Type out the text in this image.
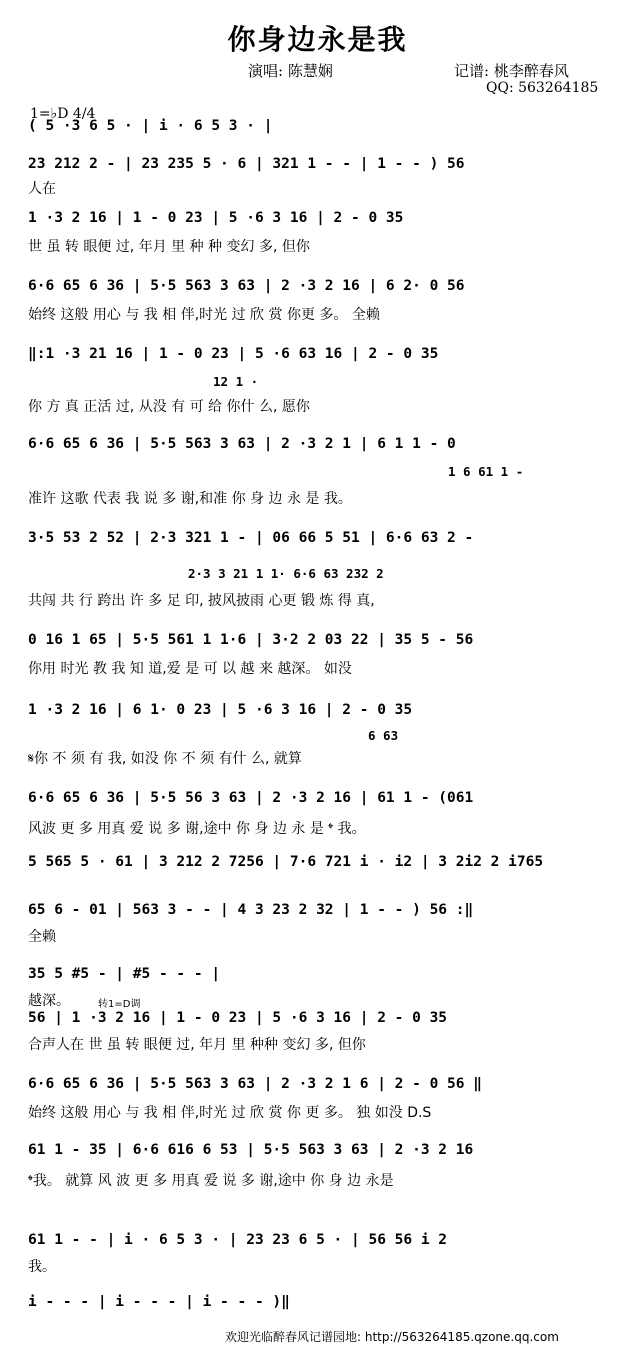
你身边永是我
演唱: 陈慧娴	记谱: 桃李醉春风
QQ: 563264185
1=♭D 4/4
( 5 ·3 6 5 · | i · 6 5 3 · |
23 212 2 - | 23 235 5 · 6 | 321 1 - - | 1 - - ) 56
人在
1 ·3 2 16 | 1 - 0 23 | 5 ·6 3 16 | 2 - 0 35
世 虽 转 眼便 过, 年月 里 种 种 变幻 多, 但你
6·6 65 6 36 | 5·5 563 3 63 | 2 ·3 2 16 | 6 2· 0 56
始终 这般 用心 与 我 相 伴,时光 过 欣 赏 你更 多。 全赖
‖:1 ·3 21 16 | 1 - 0 23 | 5 ·6 63 16 | 2 - 0 35
12 1 ·
你 方 真 正活 过, 从没 有 可 给 你什 么, 愿你
6·6 65 6 36 | 5·5 563 3 63 | 2 ·3 2 1 | 6 1 1 - 0
1 6 61 1 -
准许 这歌 代表 我 说 多 谢,和准 你 身 边 永 是 我。
3·5 53 2 52 | 2·3 321 1 - | 06 66 5 51 | 6·6 63 2 -
2·3 3 21 1 1· 6·6 63 232 2
共闯 共 行 跨出 许 多 足 印, 披风披雨 心更 锻 炼 得 真,
0 16 1 65 | 5·5 561 1 1·6 | 3·2 2 03 22 | 35 5 - 56
你用 时光 教 我 知 道,爱 是 可 以 越 来 越深。 如没
1 ·3 2 16 | 6 1· 0 23 | 5 ·6 3 16 | 2 - 0 35
6 63
𝄋你 不 须 有 我, 如没 你 不 须 有什 么, 就算
6·6 65 6 36 | 5·5 56 3 63 | 2 ·3 2 16 | 61 1 - (061
风波 更 多 用真 爱 说 多 谢,途中 你 身 边 永 是 𝄌 我。
5 565 5 · 61 | 3 212 2 7256 | 7·6 721 i · i2 | 3 2i2 2 i765
65 6 - 01 | 563 3 - - | 4 3 23 2 32 | 1 - - ) 56 :‖
全赖
35 5 #5 - | #5 - - - |
越深。	转1=D调
56 | 1 ·3 2 16 | 1 - 0 23 | 5 ·6 3 16 | 2 - 0 35
合声人在 世 虽 转 眼便 过, 年月 里 种种 变幻 多, 但你
6·6 65 6 36 | 5·5 563 3 63 | 2 ·3 2 1 6 | 2 - 0 56 ‖
始终 这般 用心 与 我 相 伴,时光 过 欣 赏 你 更 多。 独 如没 D.S
61 1 - 35 | 6·6 616 6 53 | 5·5 563 3 63 | 2 ·3 2 16
𝄌我。 就算 风 波 更 多 用真 爱 说 多 谢,途中 你 身 边 永是
61 1 - - | i · 6 5 3 · | 23 23 6 5 · | 56 56 i 2
我。
i - - - | i - - - | i - - - )‖
欢迎光临醉春风记谱园地: http://563264185.qzone.qq.com
